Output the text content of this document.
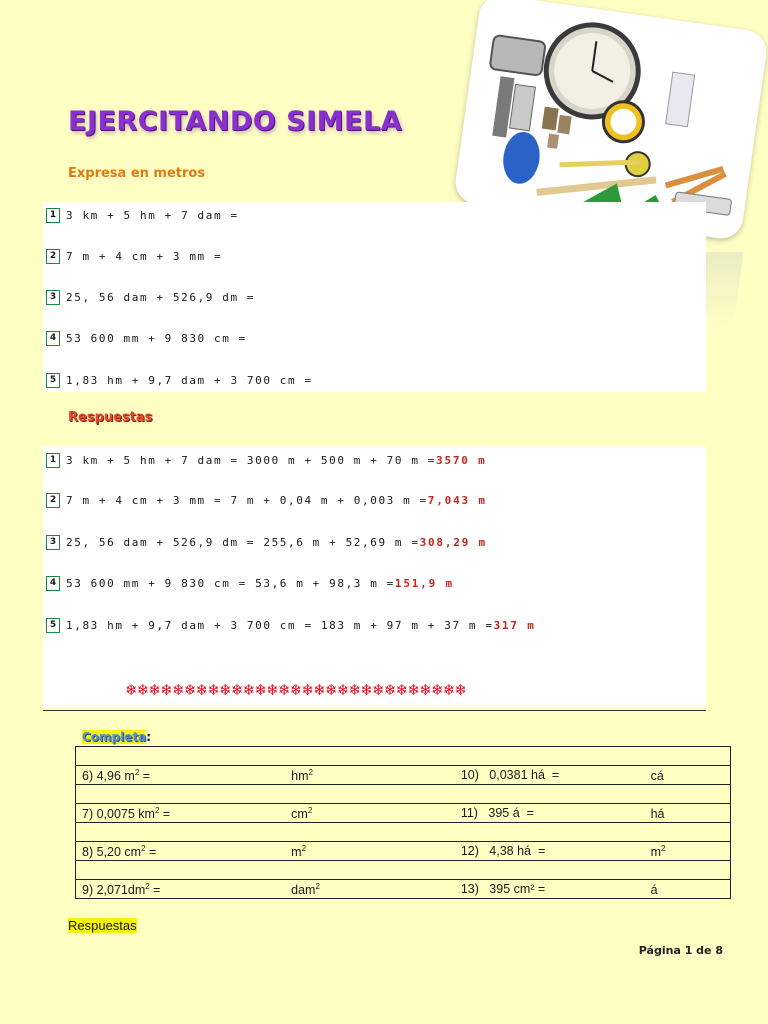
EJERCITANDO SIMELA
Expresa en metros
1 3 km + 5 hm + 7 dam =
2 7 m + 4 cm + 3 mm =
3 25, 56 dam + 526,9 dm =
4 53 600 mm + 9 830 cm =
5 1,83 hm + 9,7 dam + 3 700 cm =
Respuestas
1 3 km + 5 hm + 7 dam = 3000 m + 500 m + 70 m = 3570 m
2 7 m + 4 cm + 3 mm = 7 m + 0,04 m + 0,003 m = 7,043 m
3 25, 56 dam + 526,9 dm = 255,6 m + 52,69 m = 308,29 m
4 53 600 mm + 9 830 cm = 53,6 m + 98,3 m = 151,9 m
5 1,83 hm + 9,7 dam + 3 700 cm = 183 m + 97 m + 37 m = 317 m
❄❄❄❄❄❄❄❄❄❄❄❄❄❄❄❄❄❄❄❄❄❄❄❄❄❄❄❄❄
Completa:

6) 4,96 $m^2$ =	$hm^2$	10)   0,0381 há  =	cá

7) 0,0075 $km^2$ =	$cm^2$	11)   395 á  =	há

8) 5,20 $cm^2$ =	$m^2$	12)   4,38 há  =	$m^2$

9) $2,071dm^2$ =	dam$^2$	13)   395 cm² =	á
Respuestas
Página 1 de 8
